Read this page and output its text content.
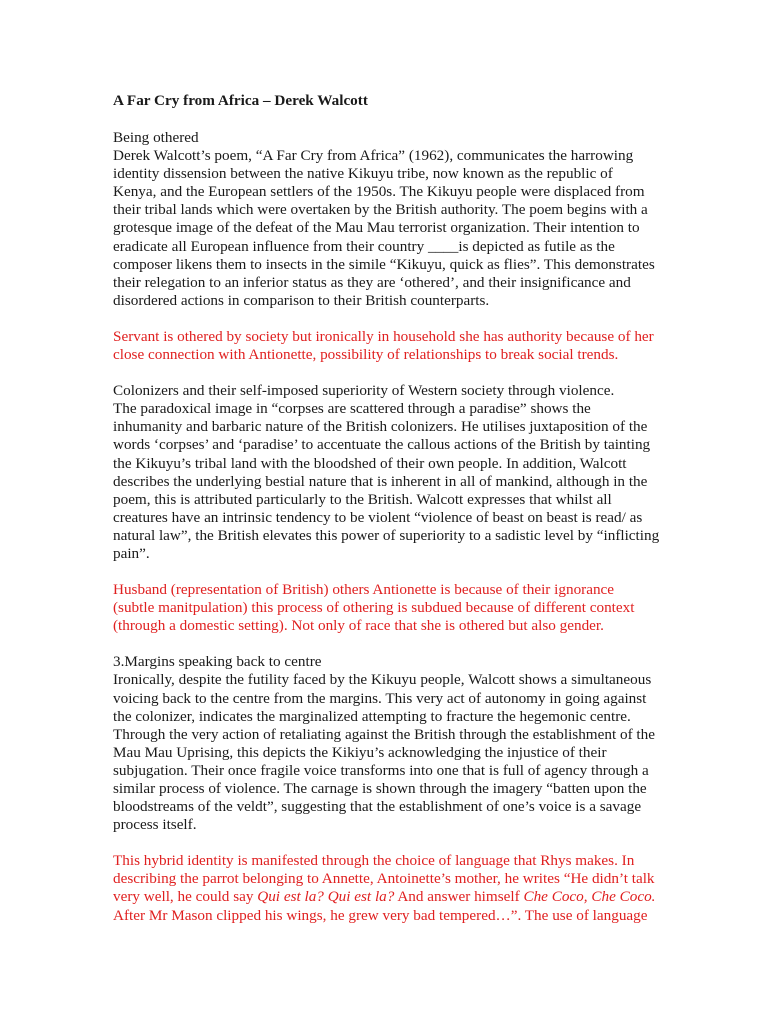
A Far Cry from Africa – Derek Walcott
Being othered
Derek Walcott’s poem, “A Far Cry from Africa” (1962), communicates the harrowing
identity dissension between the native Kikuyu tribe, now known as the republic of
Kenya, and the European settlers of the 1950s. The Kikuyu people were displaced from
their tribal lands which were overtaken by the British authority. The poem begins with a
grotesque image of the defeat of the Mau Mau terrorist organization. Their intention to
eradicate all European influence from their country ____is depicted as futile as the
composer likens them to insects in the simile “Kikuyu, quick as flies”. This demonstrates
their relegation to an inferior status as they are ‘othered’, and their insignificance and
disordered actions in comparison to their British counterparts.
Servant is othered by society but ironically in household she has authority because of her
close connection with Antionette, possibility of relationships to break social trends.
Colonizers and their self-imposed superiority of Western society through violence.
The paradoxical image in “corpses are scattered through a paradise” shows the
inhumanity and barbaric nature of the British colonizers. He utilises juxtaposition of the
words ‘corpses’ and ‘paradise’ to accentuate the callous actions of the British by tainting
the Kikuyu’s tribal land with the bloodshed of their own people. In addition, Walcott
describes the underlying bestial nature that is inherent in all of mankind, although in the
poem, this is attributed particularly to the British. Walcott expresses that whilst all
creatures have an intrinsic tendency to be violent “violence of beast on beast is read/ as
natural law”, the British elevates this power of superiority to a sadistic level by “inflicting
pain”.
Husband (representation of British) others Antionette is because of their ignorance
(subtle manitpulation) this process of othering is subdued because of different context
(through a domestic setting). Not only of race that she is othered but also gender.
3.Margins speaking back to centre
Ironically, despite the futility faced by the Kikuyu people, Walcott shows a simultaneous
voicing back to the centre from the margins. This very act of autonomy in going against
the colonizer, indicates the marginalized attempting to fracture the hegemonic centre.
Through the very action of retaliating against the British through the establishment of the
Mau Mau Uprising, this depicts the Kikiyu’s acknowledging the injustice of their
subjugation. Their once fragile voice transforms into one that is full of agency through a
similar process of violence. The carnage is shown through the imagery “batten upon the
bloodstreams of the veldt”, suggesting that the establishment of one’s voice is a savage
process itself.
This hybrid identity is manifested through the choice of language that Rhys makes. In
describing the parrot belonging to Annette, Antoinette’s mother, he writes “He didn’t talk
very well, he could say Qui est la? Qui est la? And answer himself Che Coco, Che Coco.
After Mr Mason clipped his wings, he grew very bad tempered…”. The use of language
